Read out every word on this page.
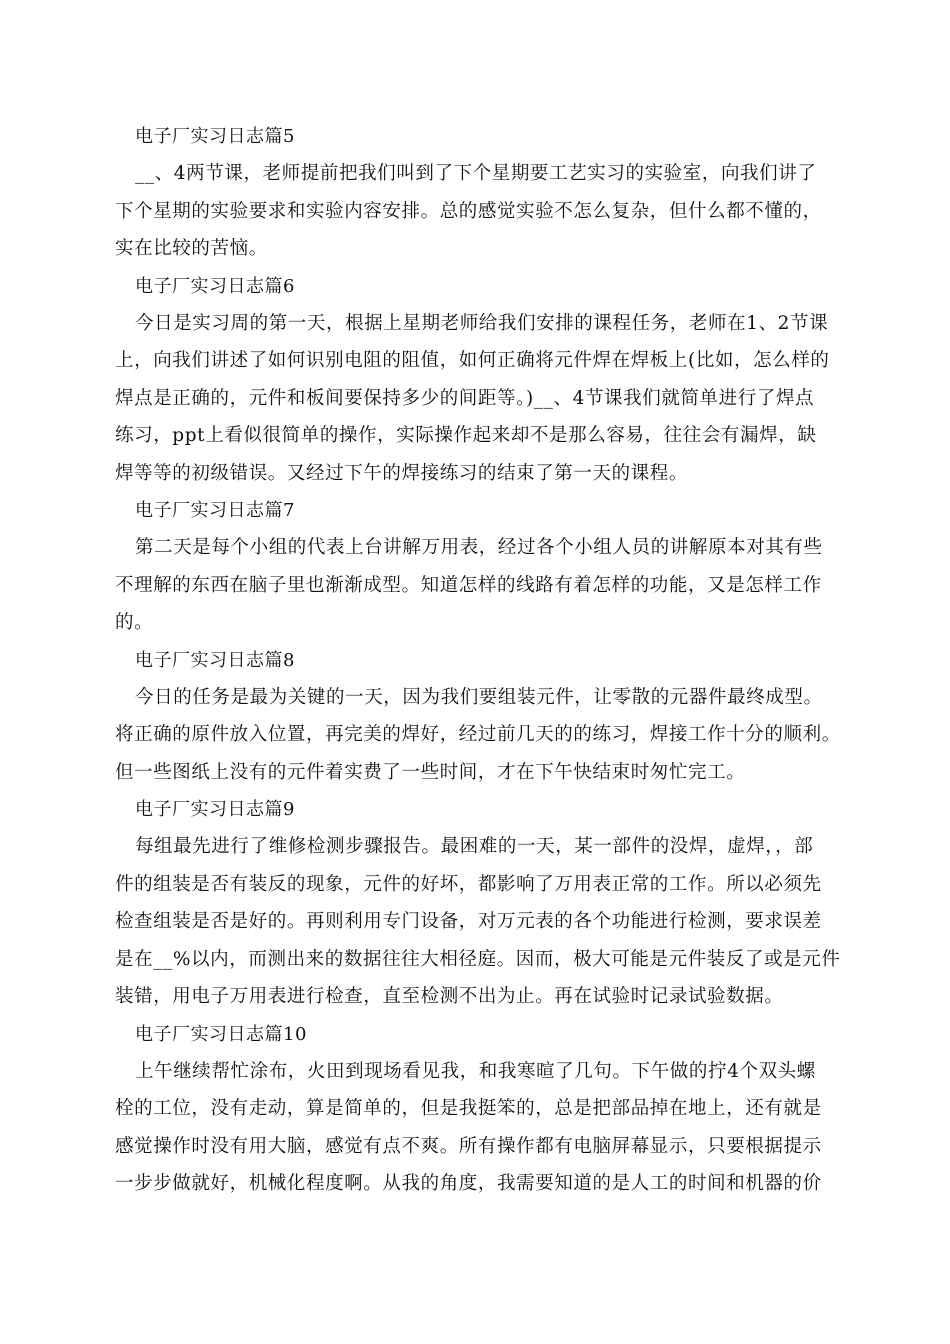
电子厂实习日志篇5
__、4两节课，老师提前把我们叫到了下个星期要工艺实习的实验室，向我们讲了
下个星期的实验要求和实验内容安排。总的感觉实验不怎么复杂，但什么都不懂的，
实在比较的苦恼。
电子厂实习日志篇6
今日是实习周的第一天，根据上星期老师给我们安排的课程任务，老师在1、2节课
上，向我们讲述了如何识别电阻的阻值，如何正确将元件焊在焊板上(比如，怎么样的
焊点是正确的，元件和板间要保持多少的间距等。)__、4节课我们就简单进行了焊点
练习，ppt上看似很简单的操作，实际操作起来却不是那么容易，往往会有漏焊，缺
焊等等的初级错误。又经过下午的焊接练习的结束了第一天的课程。
电子厂实习日志篇7
第二天是每个小组的代表上台讲解万用表，经过各个小组人员的讲解原本对其有些
不理解的东西在脑子里也渐渐成型。知道怎样的线路有着怎样的功能，又是怎样工作
的。
电子厂实习日志篇8
今日的任务是最为关键的一天，因为我们要组装元件，让零散的元器件最终成型。
将正确的原件放入位置，再完美的焊好，经过前几天的的练习，焊接工作十分的顺利。
但一些图纸上没有的元件着实费了一些时间，才在下午快结束时匆忙完工。
电子厂实习日志篇9
每组最先进行了维修检测步骤报告。最困难的一天，某一部件的没焊，虚焊，，部
件的组装是否有装反的现象，元件的好坏，都影响了万用表正常的工作。所以必须先
检查组装是否是好的。再则利用专门设备，对万元表的各个功能进行检测，要求误差
是在__%以内，而测出来的数据往往大相径庭。因而，极大可能是元件装反了或是元件
装错，用电子万用表进行检查，直至检测不出为止。再在试验时记录试验数据。
电子厂实习日志篇10
上午继续帮忙涂布，火田到现场看见我，和我寒暄了几句。下午做的拧4个双头螺
栓的工位，没有走动，算是简单的，但是我挺笨的，总是把部品掉在地上，还有就是
感觉操作时没有用大脑，感觉有点不爽。所有操作都有电脑屏幕显示，只要根据提示
一步步做就好，机械化程度啊。从我的角度，我需要知道的是人工的时间和机器的价
